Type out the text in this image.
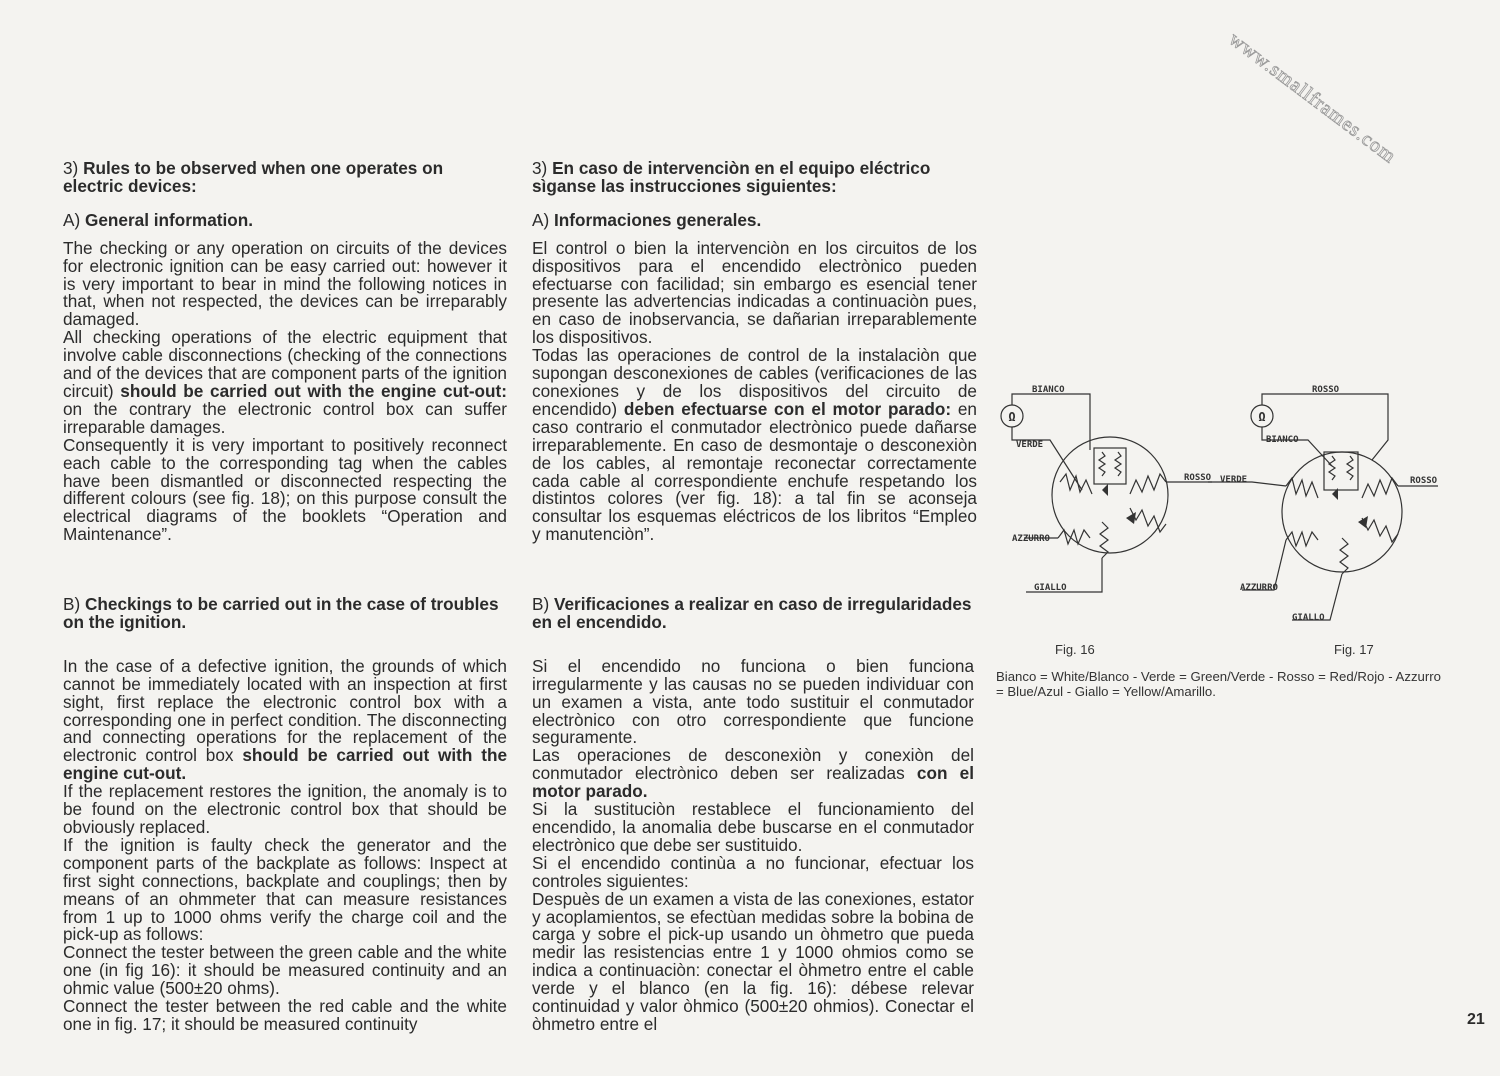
www.smallframes.com
3) Rules to be observed when one operates on electric devices:
A) General information.

The checking or any operation on circuits of the devices for electronic ignition can be easy carried out: however it is very important to bear in mind the following notices in that, when not respected, the devices can be irreparably damaged.

All checking operations of the electric equipment that involve cable disconnections (checking of the connections and of the devices that are component parts of the ignition circuit) should be carried out with the engine cut-out: on the contrary the electronic control box can suffer irreparable damages.

Consequently it is very important to positively reconnect each cable to the corresponding tag when the cables have been dismantled or disconnected respecting the different colours (see fig. 18); on this purpose consult the electrical diagrams of the booklets “Operation and Maintenance”.

B) Checkings to be carried out in the case of troubles on the ignition.

In the case of a defective ignition, the grounds of which cannot be immediately located with an inspection at first sight, first replace the electronic control box with a corresponding one in perfect condition. The disconnecting and connecting operations for the replacement of the electronic control box should be carried out with the engine cut-out.

If the replacement restores the ignition, the anomaly is to be found on the electronic control box that should be obviously replaced.

If the ignition is faulty check the generator and the component parts of the backplate as follows: Inspect at first sight connections, backplate and couplings; then by means of an ohmmeter that can measure resistances from 1 up to 1000 ohms verify the charge coil and the pick-up as follows:

Connect the tester between the green cable and the white one (in fig 16): it should be measured continuity and an ohmic value (500±20 ohms).

Connect the tester between the red cable and the white one in fig. 17; it should be measured continuity

3) En caso de intervenciòn en el equipo eléctrico sìganse las instrucciones siguientes:
A) Informaciones generales.

El control o bien la intervenciòn en los circuitos de los dispositivos para el encendido electrònico pueden efectuarse con facilidad; sin embargo es esencial tener presente las advertencias indicadas a continuaciòn pues, en caso de inobservancia, se dañarian irreparablemente los dispositivos.

Todas las operaciones de control de la instalaciòn que supongan desconexiones de cables (verificaciones de las conexiones y de los dispositivos del circuito de encendido) deben efectuarse con el motor parado: en caso contrario el conmutador electrònico puede dañarse irreparablemente. En caso de desmontaje o desconexiòn de los cables, al remontaje reconectar correctamente cada cable al correspondiente enchufe respetando los distintos colores (ver fig. 18): a tal fin se aconseja consultar los esquemas eléctricos de los libritos “Empleo y manutenciòn”.

B) Verificaciones a realizar en caso de irregularidades en el encendido.

Si el encendido no funciona o bien funciona irregularmente y las causas no se pueden individuar con un examen a vista, ante todo sustituir el conmutador electrònico con otro correspondiente que funcione seguramente.

Las operaciones de desconexiòn y conexiòn del conmutador electrònico deben ser realizadas con el motor parado.

Si la sustituciòn restablece el funcionamiento del encendido, la anomalia debe buscarse en el conmutador electrònico que debe ser sustituido.

Si el encendido continùa a no funcionar, efectuar los controles siguientes:

Despuès de un examen a vista de las conexiones, estator y acoplamientos, se efectùan medidas sobre la bobina de carga y sobre el pick-up usando un òhmetro que pueda medir las resistencias entre 1 y 1000 ohmios como se indica a continuaciòn: conectar el òhmetro entre el cable verde y el blanco (en la fig. 16): débese relevar continuidad y valor òhmico (500±20 ohmios). Conectar el òhmetro entre el

Ω
BIANCO
VERDE
ROSSO
AZZURRO
GIALLO
Ω
ROSSO
BIANCO
VERDE	ROSSO
AZZURRO
GIALLO
Fig. 16	Fig. 17
Bianco = White/Blanco - Verde = Green/Verde - Rosso = Red/Rojo - Azzurro = Blue/Azul - Giallo = Yellow/Amarillo.
21
